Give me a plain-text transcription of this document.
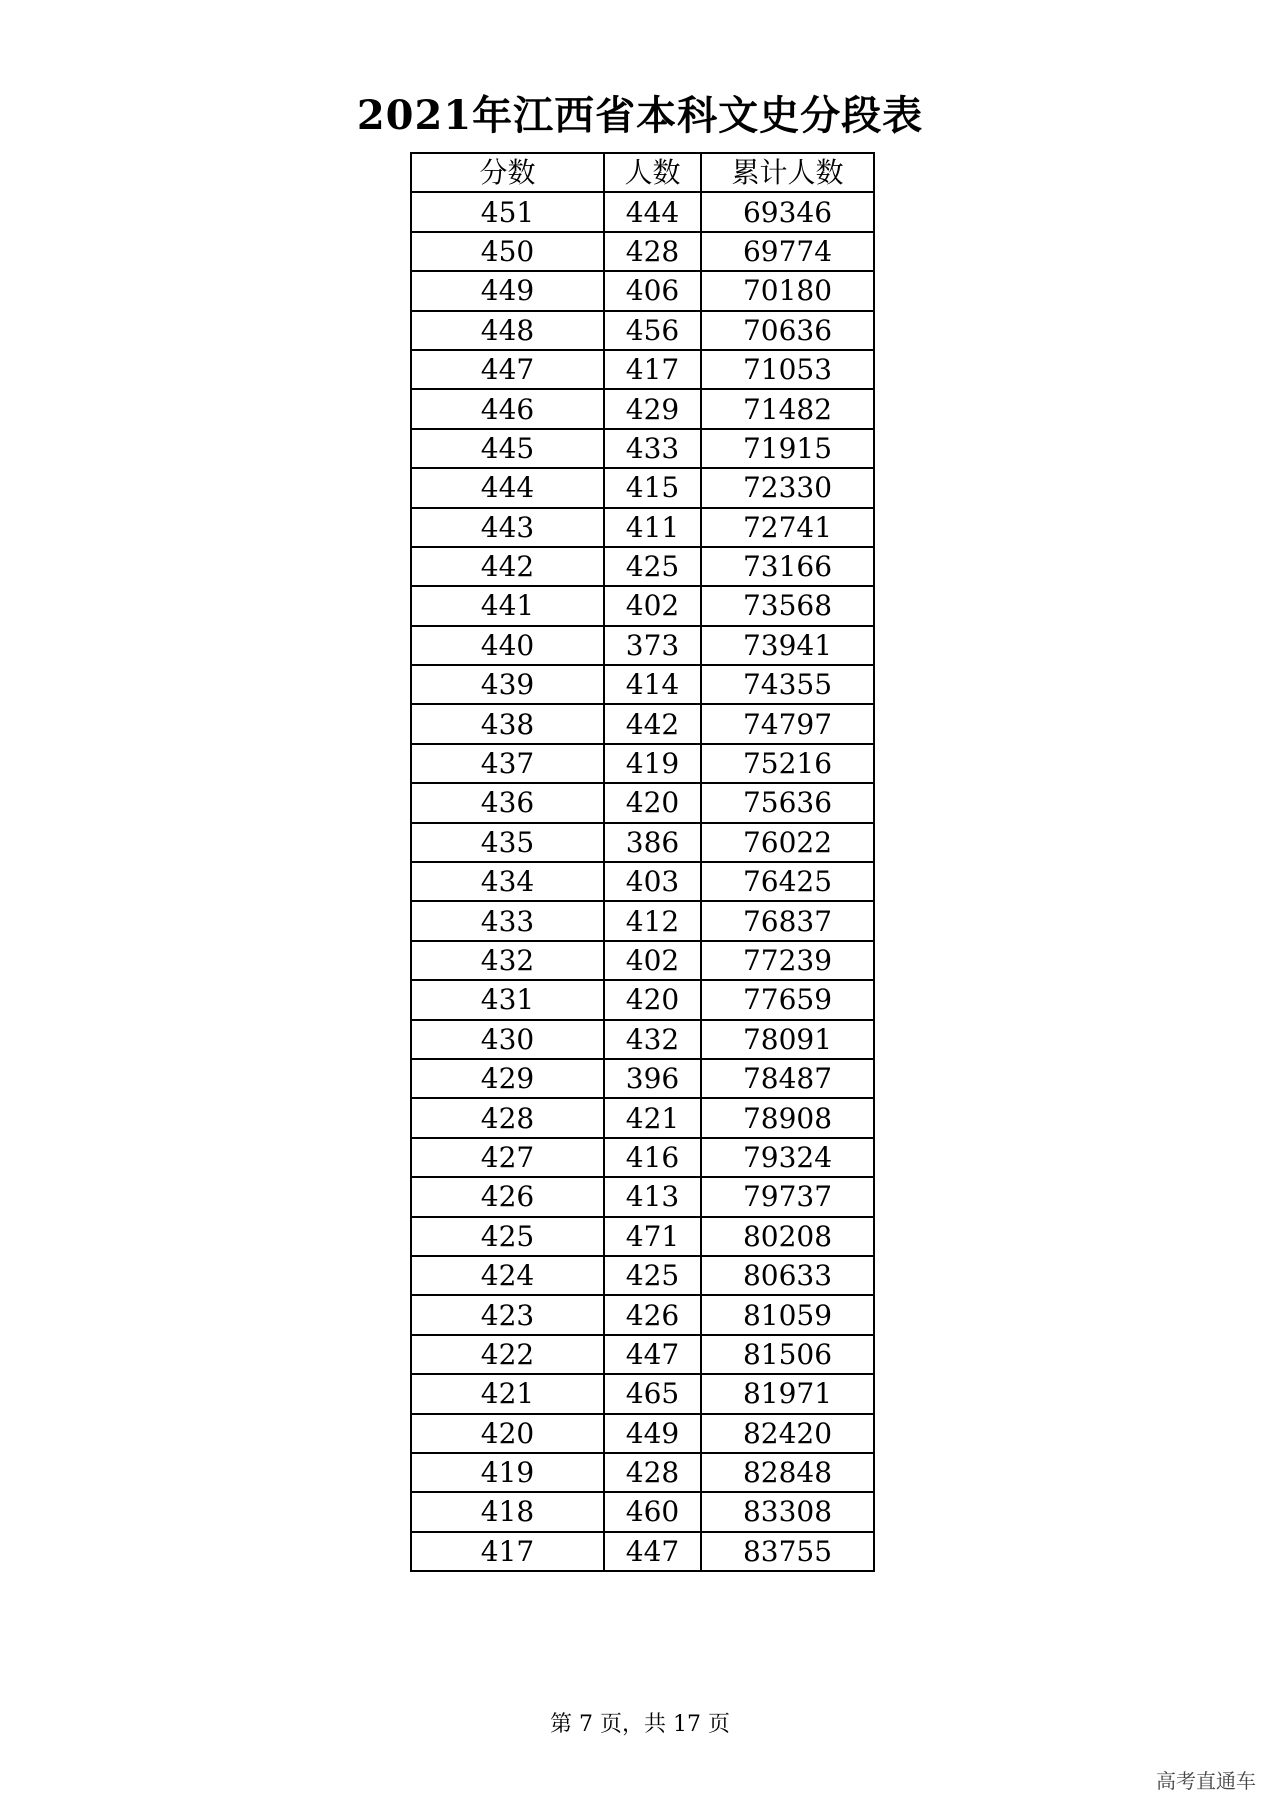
2021年江西省本科文史分段表
分数	人数	累计人数
451	444	69346
450	428	69774
449	406	70180
448	456	70636
447	417	71053
446	429	71482
445	433	71915
444	415	72330
443	411	72741
442	425	73166
441	402	73568
440	373	73941
439	414	74355
438	442	74797
437	419	75216
436	420	75636
435	386	76022
434	403	76425
433	412	76837
432	402	77239
431	420	77659
430	432	78091
429	396	78487
428	421	78908
427	416	79324
426	413	79737
425	471	80208
424	425	80633
423	426	81059
422	447	81506
421	465	81971
420	449	82420
419	428	82848
418	460	83308
417	447	83755
第 7 页，共 17 页
高考直通车
